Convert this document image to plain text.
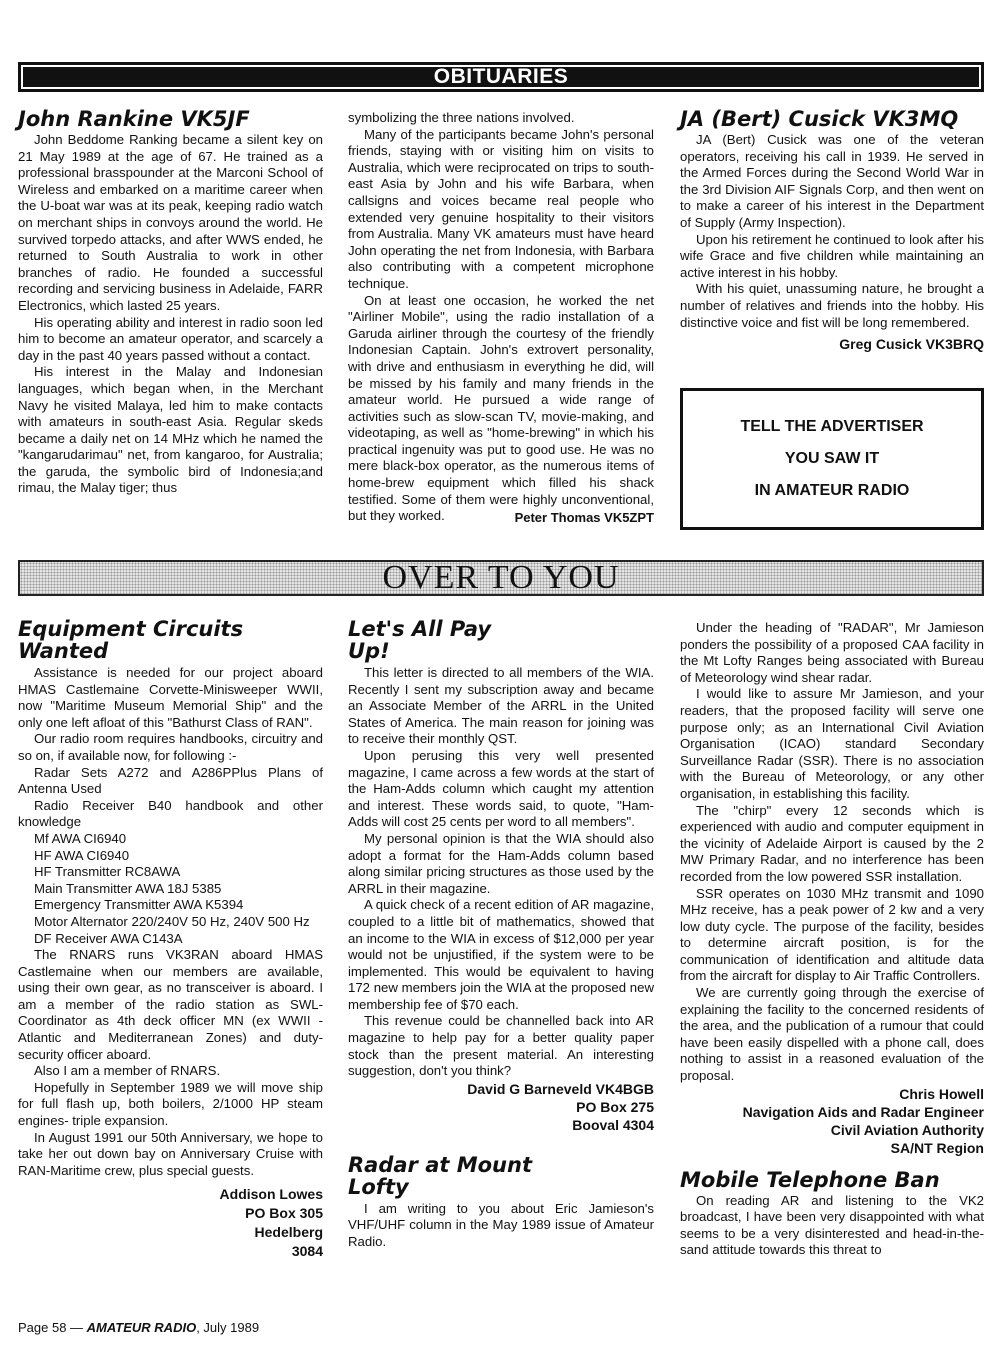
OBITUARIES
John Rankine VK5JF

John Beddome Ranking became a silent key on 21 May 1989 at the age of 67. He trained as a professional brasspounder at the Marconi School of Wireless and embarked on a maritime career when the U-boat war was at its peak, keeping radio watch on merchant ships in convoys around the world. He survived torpedo attacks, and after WWS ended, he returned to South Australia to work in other branches of radio. He founded a successful recording and servicing business in Adelaide, FARR Electronics, which lasted 25 years.

His operating ability and interest in radio soon led him to become an amateur operator, and scarcely a day in the past 40 years passed without a contact.

His interest in the Malay and Indonesian languages, which began when, in the Merchant Navy he visited Malaya, led him to make contacts with amateurs in south-east Asia. Regular skeds became a daily net on 14 MHz which he named the "kangarudarimau" net, from kangaroo, for Australia; the garuda, the symbolic bird of Indonesia;and rimau, the Malay tiger; thus

symbolizing the three nations involved.

Many of the participants became John's personal friends, staying with or visiting him on visits to Australia, which were reciprocated on trips to south-east Asia by John and his wife Barbara, when callsigns and voices became real people who extended very genuine hospitality to their visitors from Australia. Many VK amateurs must have heard John operating the net from Indonesia, with Barbara also contributing with a competent microphone technique.

On at least one occasion, he worked the net "Airliner Mobile", using the radio installation of a Garuda airliner through the courtesy of the friendly Indonesian Captain. John's extrovert personality, with drive and enthusiasm in everything he did, will be missed by his family and many friends in the amateur world. He pursued a wide range of activities such as slow-scan TV, movie-making, and videotaping, as well as "home-brewing" in which his practical ingenuity was put to good use. He was no mere black-box operator, as the numerous items of home-brew equipment which filled his shack testified. Some of them were highly unconventional, but they worked.	Peter Thomas VK5ZPT
JA (Bert) Cusick VK3MQ

JA (Bert) Cusick was one of the veteran operators, receiving his call in 1939. He served in the Armed Forces during the Second World War in the 3rd Division AIF Signals Corp, and then went on to make a career of his interest in the Department of Supply (Army Inspection).

Upon his retirement he continued to look after his wife Grace and five children while maintaining an active interest in his hobby.

With his quiet, unassuming nature, he brought a number of relatives and friends into the hobby. His distinctive voice and fist will be long remembered.

Greg Cusick VK3BRQ
TELL THE ADVERTISER
YOU SAW IT
IN AMATEUR RADIO
OVER TO YOU
Equipment Circuits
Wanted

Assistance is needed for our project aboard HMAS Castlemaine Corvette-Minisweeper WWII, now "Maritime Museum Memorial Ship" and the only one left afloat of this "Bathurst Class of RAN".

Our radio room requires handbooks, circuitry and so on, if available now, for following :-

Radar Sets A272 and A286PPlus Plans of Antenna Used

Radio Receiver B40 handbook and other knowledge

Mf AWA CI6940
HF AWA CI6940
HF Transmitter RC8AWA
Main Transmitter AWA 18J 5385
Emergency Transmitter AWA K5394

Motor Alternator 220/240V 50 Hz, 240V 500 Hz

DF Receiver AWA C143A

The RNARS runs VK3RAN aboard HMAS Castlemaine when our members are available, using their own gear, as no transceiver is aboard. I am a member of the radio station as SWL-Coordinator as 4th deck officer MN (ex WWII - Atlantic and Mediterranean Zones) and duty-security officer aboard.

Also I am a member of RNARS.

Hopefully in September 1989 we will move ship for full flash up, both boilers, 2/1000 HP steam engines- triple expansion.

In August 1991 our 50th Anniversary, we hope to take her out down bay on Anniversary Cruise with RAN-Maritime crew, plus special guests.

Addison Lowes
PO Box 305
Hedelberg
3084
Let's All Pay
Up!

This letter is directed to all members of the WIA. Recently I sent my subscription away and became an Associate Member of the ARRL in the United States of America. The main reason for joining was to receive their monthly QST.

Upon perusing this very well presented magazine, I came across a few words at the start of the Ham-Adds column which caught my attention and interest. These words said, to quote, "Ham-Adds will cost 25 cents per word to all members".

My personal opinion is that the WIA should also adopt a format for the Ham-Adds column based along similar pricing structures as those used by the ARRL in their magazine.

A quick check of a recent edition of AR magazine, coupled to a little bit of mathematics, showed that an income to the WIA in excess of $12,000 per year would not be unjustified, if the system were to be implemented. This would be equivalent to having 172 new members join the WIA at the proposed new membership fee of $70 each.

This revenue could be channelled back into AR magazine to help pay for a better quality paper stock than the present material. An interesting suggestion, don't you think?

David G Barneveld VK4BGB
PO Box 275
Booval 4304
Radar at Mount
Lofty

I am writing to you about Eric Jamieson's VHF/UHF column in the May 1989 issue of Amateur Radio.

Under the heading of "RADAR", Mr Jamieson ponders the possibility of a proposed CAA facility in the Mt Lofty Ranges being associated with Bureau of Meteorology wind shear radar.

I would like to assure Mr Jamieson, and your readers, that the proposed facility will serve one purpose only; as an International Civil Aviation Organisation (ICAO) standard Secondary Surveillance Radar (SSR). There is no association with the Bureau of Meteorology, or any other organisation, in establishing this facility.

The "chirp" every 12 seconds which is experienced with audio and computer equipment in the vicinity of Adelaide Airport is caused by the 2 MW Primary Radar, and no interference has been recorded from the low powered SSR installation.

SSR operates on 1030 MHz transmit and 1090 MHz receive, has a peak power of 2 kw and a very low duty cycle. The purpose of the facility, besides to determine aircraft position, is for the communication of identification and altitude data from the aircraft for display to Air Traffic Controllers.

We are currently going through the exercise of explaining the facility to the concerned residents of the area, and the publication of a rumour that could have been easily dispelled with a phone call, does nothing to assist in a reasoned evaluation of the proposal.

Chris Howell
Navigation Aids and Radar Engineer
Civil Aviation Authority
SA/NT Region
Mobile Telephone Ban

On reading AR and listening to the VK2 broadcast, I have been very disappointed with what seems to be a very disinterested and head-in-the-sand attitude towards this threat to

Page 58 — AMATEUR RADIO, July 1989
